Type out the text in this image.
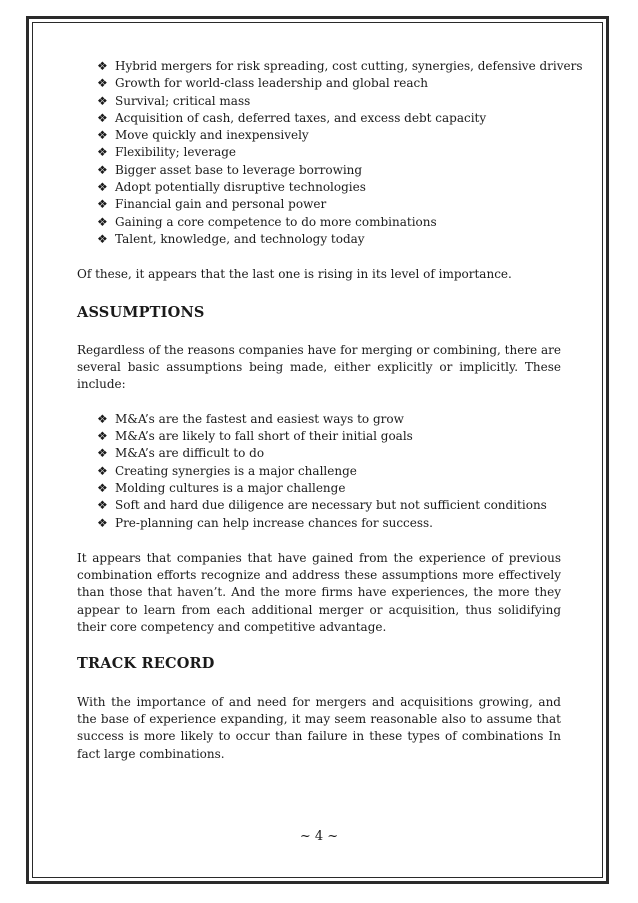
❖ Hybrid mergers for risk spreading, cost cutting, synergies, defensive drivers
❖ Growth for world-class leadership and global reach
❖ Survival; critical mass
❖ Acquisition of cash, deferred taxes, and excess debt capacity
❖ Move quickly and inexpensively
❖ Flexibility; leverage
❖ Bigger asset base to leverage borrowing
❖ Adopt potentially disruptive technologies
❖ Financial gain and personal power
❖ Gaining a core competence to do more combinations
❖ Talent, knowledge, and technology today

Of these, it appears that the last one is rising in its level of importance.

ASSUMPTIONS

Regardless of the reasons companies have for merging or combining, there are several basic assumptions being made, either explicitly or implicitly. These include:

❖ M&A’s are the fastest and easiest ways to grow
❖ M&A’s are likely to fall short of their initial goals
❖ M&A’s are difficult to do
❖ Creating synergies is a major challenge
❖ Molding cultures is a major challenge
❖ Soft and hard due diligence are necessary but not sufficient conditions
❖ Pre-planning can help increase chances for success.

It appears that companies that have gained from the experience of previous combination efforts recognize and address these assumptions more effectively than those that haven’t. And the more firms have experiences, the more they appear to learn from each additional merger or acquisition, thus solidifying their core competency and competitive advantage.

TRACK RECORD

With the importance of and need for mergers and acquisitions growing, and the base of experience expanding, it may seem reasonable also to assume that success is more likely to occur than failure in these types of combinations In fact large combinations.

~ 4 ~
